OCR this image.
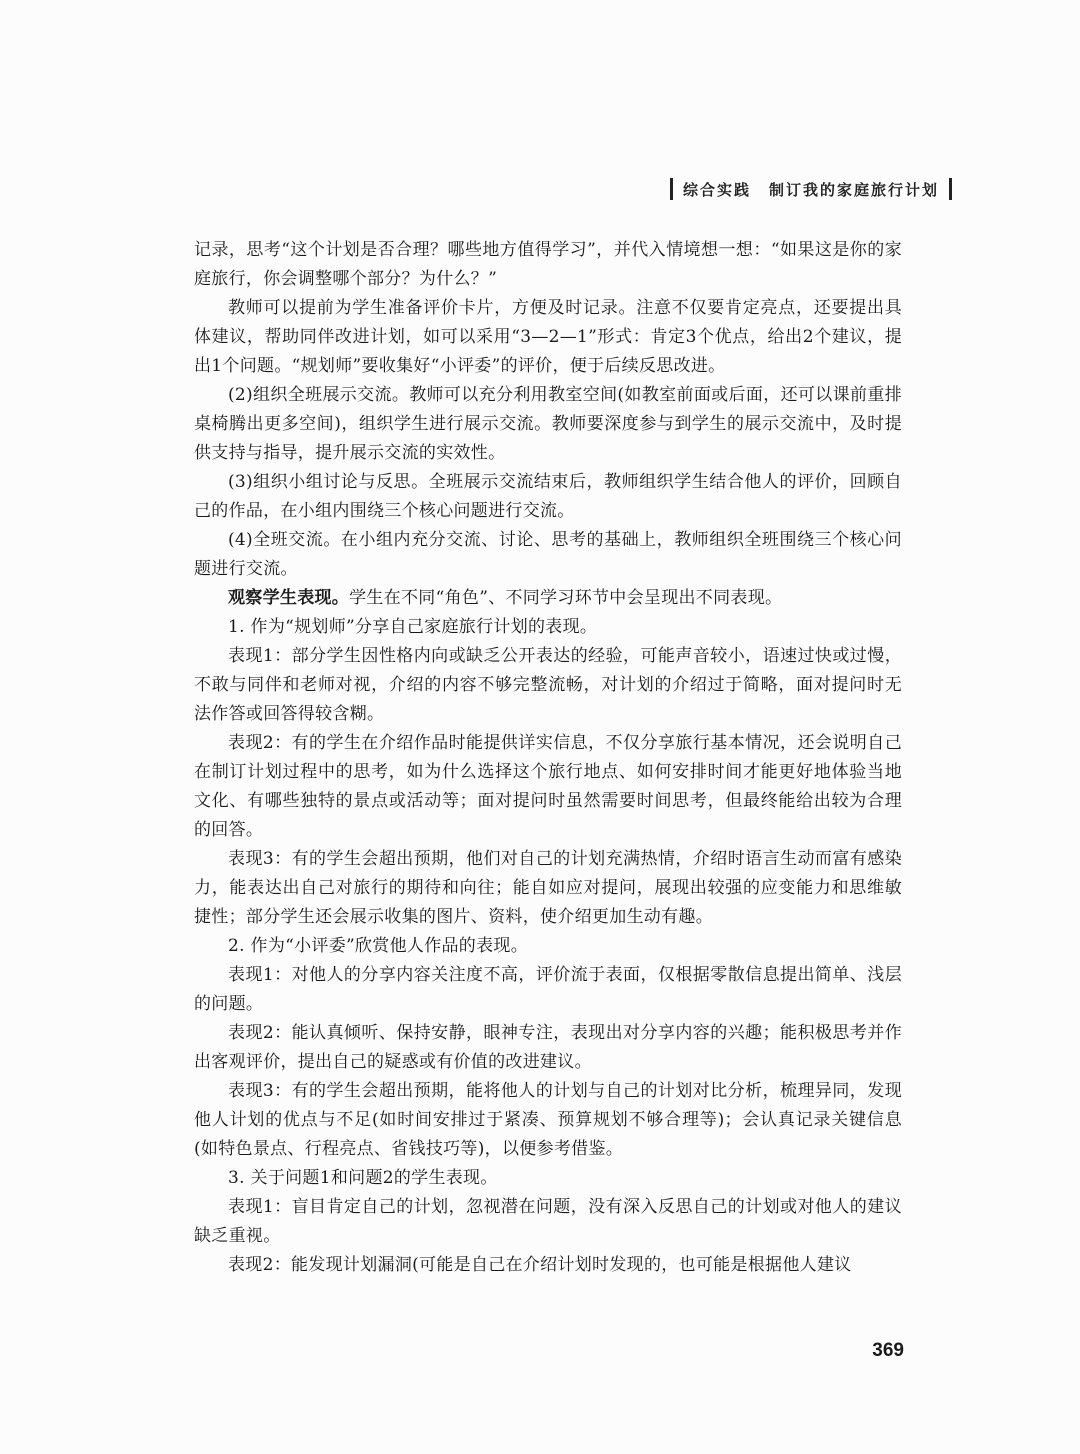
综合实践 制订我的家庭旅行计划

记录，思考“这个计划是否合理？哪些地方值得学习”，并代入情境想一想：“如果这是你的家庭旅行，你会调整哪个部分？为什么？”

教师可以提前为学生准备评价卡片，方便及时记录。注意不仅要肯定亮点，还要提出具体建议，帮助同伴改进计划，如可以采用“3—2—1”形式：肯定3个优点，给出2个建议，提出1个问题。“规划师”要收集好“小评委”的评价，便于后续反思改进。

(2)组织全班展示交流。教师可以充分利用教室空间(如教室前面或后面，还可以课前重排桌椅腾出更多空间)，组织学生进行展示交流。教师要深度参与到学生的展示交流中，及时提供支持与指导，提升展示交流的实效性。

(3)组织小组讨论与反思。全班展示交流结束后，教师组织学生结合他人的评价，回顾自己的作品，在小组内围绕三个核心问题进行交流。

(4)全班交流。在小组内充分交流、讨论、思考的基础上，教师组织全班围绕三个核心问题进行交流。

观察学生表现。学生在不同“角色”、不同学习环节中会呈现出不同表现。

1. 作为“规划师”分享自己家庭旅行计划的表现。

表现1：部分学生因性格内向或缺乏公开表达的经验，可能声音较小，语速过快或过慢，不敢与同伴和老师对视，介绍的内容不够完整流畅，对计划的介绍过于简略，面对提问时无法作答或回答得较含糊。

表现2：有的学生在介绍作品时能提供详实信息，不仅分享旅行基本情况，还会说明自己在制订计划过程中的思考，如为什么选择这个旅行地点、如何安排时间才能更好地体验当地文化、有哪些独特的景点或活动等；面对提问时虽然需要时间思考，但最终能给出较为合理的回答。

表现3：有的学生会超出预期，他们对自己的计划充满热情，介绍时语言生动而富有感染力，能表达出自己对旅行的期待和向往；能自如应对提问，展现出较强的应变能力和思维敏捷性；部分学生还会展示收集的图片、资料，使介绍更加生动有趣。

2. 作为“小评委”欣赏他人作品的表现。

表现1：对他人的分享内容关注度不高，评价流于表面，仅根据零散信息提出简单、浅层的问题。

表现2：能认真倾听、保持安静，眼神专注，表现出对分享内容的兴趣；能积极思考并作出客观评价，提出自己的疑惑或有价值的改进建议。

表现3：有的学生会超出预期，能将他人的计划与自己的计划对比分析，梳理异同，发现他人计划的优点与不足(如时间安排过于紧凑、预算规划不够合理等)；会认真记录关键信息(如特色景点、行程亮点、省钱技巧等)，以便参考借鉴。

3. 关于问题1和问题2的学生表现。

表现1：盲目肯定自己的计划，忽视潜在问题，没有深入反思自己的计划或对他人的建议缺乏重视。

表现2：能发现计划漏洞(可能是自己在介绍计划时发现的，也可能是根据他人建议

369
